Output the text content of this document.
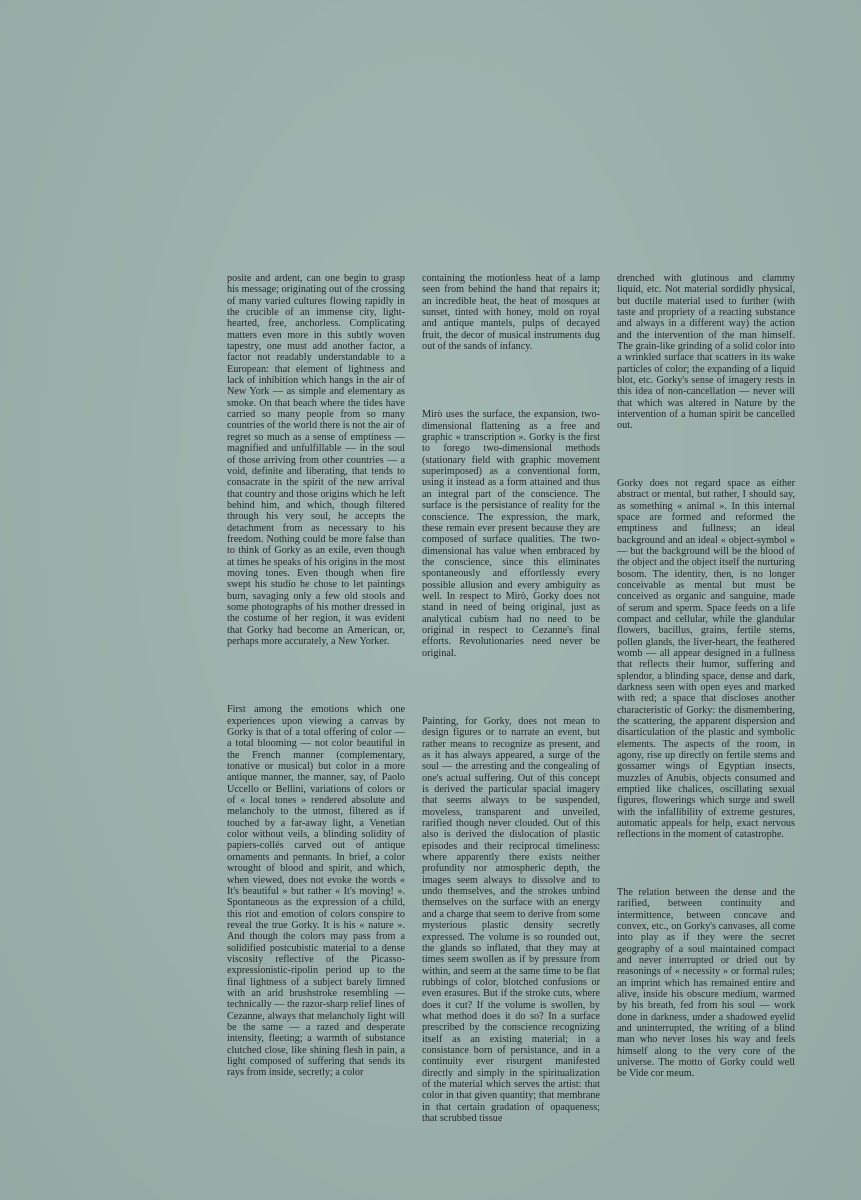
posite and ardent, can one begin to grasp his message; originating out of the crossing of many varied cultures flowing rapidly in the crucible of an immense city, light-hearted, free, anchorless. Complicating matters even more in this subtly woven tapestry, one must add another factor, a factor not readably understandable to a European: that element of lightness and lack of inhibition which hangs in the air of New York — as simple and elementary as smoke. On that beach where the tides have carried so many people from so many countries of the world there is not the air of regret so much as a sense of emptiness — magnified and unfulfillable — in the soul of those arriving from other countries — a void, definite and liberating, that tends to consacrate in the spirit of the new arrival that country and those origins which he left behind him, and which, though filtered through his very soul, he accepts the detachment from as necessary to his freedom. Nothing could be more false than to think of Gorky as an exile, even though at times he speaks of his origins in the most moving tones. Even though when fire swept his studio he chose to let paintings burn, savaging only a few old stools and some photographs of his mother dressed in the costume of her region, it was evident that Gorky had become an American, or, perhaps more accurately, a New Yorker.

First among the emotions which one experiences upon viewing a canvas by Gorky is that of a total offering of color — a total blooming — not color beautiful in the French manner (complementary, tonative or musical) but color in a more antique manner, the manner, say, of Paolo Uccello or Bellini, variations of colors or of « local tones » rendered absolute and melancholy to the utmost, filtered as if touched by a far-away light, a Venetian color without veils, a blinding solidity of papiers-collés carved out of antique ornaments and pennants. In brief, a color wrought of blood and spirit, and which, when viewed, does not evoke the words « It's beautiful » but rather « It's moving! ». Spontaneous as the expression of a child, this riot and emotion of colors conspire to reveal the true Gorky. It is his « nature ». And though the colors may pass from a solidified postcubistic material to a dense viscosity reflective of the Picasso-expressionistic-ripolin period up to the final lightness of a subject barely limned with an arid brushstroke resembling — technically — the razor-sharp relief lines of Cezanne, always that melancholy light will be the same — a razed and desperate intensity, fleeting; a warmth of substance clutched close, like shining flesh in pain, a light composed of suffering that sends its rays from inside, secretly; a color

containing the motionless heat of a lamp seen from behind the hand that repairs it; an incredible heat, the heat of mosques at sunset, tinted with honey, mold on royal and antique mantels, pulps of decayed fruit, the decor of musical instruments dug out of the sands of infancy.

Mirò uses the surface, the expansion, two-dimensional flattening as a free and graphic « transcription ». Gorky is the first to forego two-dimensional methods (stationary field with graphic movement superimposed) as a conventional form, using it instead as a form attained and thus an integral part of the conscience. The surface is the persistance of reality for the conscience. The expression, the mark, these remain ever present because they are composed of surface qualities. The two-dimensional has value when embraced by the conscience, since this eliminates spontaneously and effortlessly every possible allusion and every ambiguity as well. In respect to Mirò, Gorky does not stand in need of being original, just as analytical cubism had no need to be original in respect to Cezanne's final efforts. Revolutionaries need never be original.

Painting, for Gorky, does not mean to design figures or to narrate an event, but rather means to recognize as present, and as it has always appeared, a surge of the soul — the arresting and the congealing of one's actual suffering. Out of this concept is derived the particular spacial imagery that seems always to be suspended, moveless, transparent and unveiled, rarified though never clouded. Out of this also is derived the dislocation of plastic episodes and their reciprocal timeliness: where apparently there exists neither profundity nor atmospheric depth, the images seem always to dissolve and to undo themselves, and the strokes unbind themselves on the surface with an energy and a charge that seem to derive from some mysterious plastic density secretly expressed. The volume is so rounded out, the glands so inflated, that they may at times seem swollen as if by pressure from within, and seem at the same time to be flat rubbings of color, blotched confusions or even erasures. But if the stroke cuts, where does it cut? If the volume is swollen, by what method does it do so? In a surface prescribed by the conscience recognizing itself as an existing material; in a consistance born of persistance, and in a continuity ever risurgent manifested directly and simply in the spiritualization of the material which serves the artist: that color in that given quantity; that membrane in that certain gradation of opaqueness; that scrubbed tissue

drenched with glutinous and clammy liquid, etc. Not material sordidly physical, but ductile material used to further (with taste and propriety of a reacting substance and always in a different way) the action and the intervention of the man himself. The grain-like grinding of a solid color into a wrinkled surface that scatters in its wake particles of color; the expanding of a liquid blot, etc. Gorky's sense of imagery rests in this idea of non-cancellation — never will that which was altered in Nature by the intervention of a human spirit be cancelled out.

Gorky does not regard space as either abstract or mental, but rather, I should say, as something « animal ». In this internal space are formed and reformed the emptiness and fullness; an ideal background and an ideal « object-symbol » — but the background will be the blood of the object and the object itself the nurturing bosom. The identity, then, is no longer conceivable as mental but must be conceived as organic and sanguine, made of serum and sperm. Space feeds on a life compact and cellular, while the glandular flowers, bacillus, grains, fertile stems, pollen glands, the liver-heart, the feathered womb — all appear designed in a fullness that reflects their humor, suffering and splendor, a blinding space, dense and dark, darkness seen with open eyes and marked with red; a space that discloses another characteristic of Gorky: the dismembering, the scattering, the apparent dispersion and disarticulation of the plastic and symbolic elements. The aspects of the room, in agony, rise up directly on fertile stems and gossamer wings of Egyptian insects, muzzles of Anubis, objects consumed and emptied like chalices, oscillating sexual figures, flowerings which surge and swell with the infallibility of extreme gestures, automatic appeals for help, exact nervous reflections in the moment of catastrophe.

The relation between the dense and the rarified, between continuity and intermittence, between concave and convex, etc., on Gorky's canvases, all come into play as if they were the secret geography of a soul maintained compact and never interrupted or dried out by reasonings of « necessity » or formal rules; an imprint which has remained entire and alive, inside his obscure medium, warmed by his breath, fed from his soul — work done in darkness, under a shadowed eyelid and uninterrupted, the writing of a blind man who never loses his way and feels himself along to the very core of the universe. The motto of Gorky could well be Vide cor meum.
